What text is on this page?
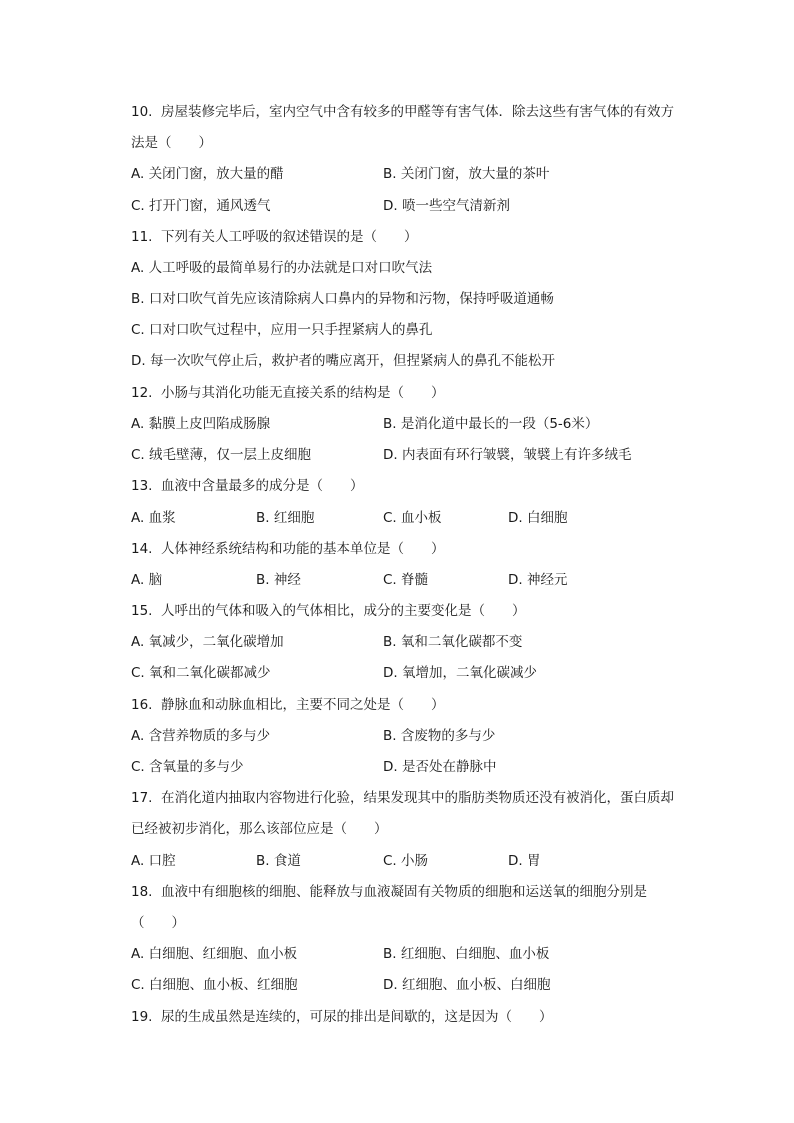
10. 房屋装修完毕后，室内空气中含有较多的甲醛等有害气体．除去这些有害气体的有效方
法是（　　）
A. 关闭门窗，放大量的醋	B. 关闭门窗，放大量的茶叶
C. 打开门窗，通风透气	D. 喷一些空气清新剂
11. 下列有关人工呼吸的叙述错误的是（　　）
A. 人工呼吸的最简单易行的办法就是口对口吹气法
B. 口对口吹气首先应该清除病人口鼻内的异物和污物，保持呼吸道通畅
C. 口对口吹气过程中，应用一只手捏紧病人的鼻孔
D. 每一次吹气停止后，救护者的嘴应离开，但捏紧病人的鼻孔不能松开
12. 小肠与其消化功能无直接关系的结构是（　　）
A. 黏膜上皮凹陷成肠腺	B. 是消化道中最长的一段（5-6米）
C. 绒毛壁薄，仅一层上皮细胞	D. 内表面有环行皱襞，皱襞上有许多绒毛
13. 血液中含量最多的成分是（　　）
A. 血浆	B. 红细胞	C. 血小板	D. 白细胞
14. 人体神经系统结构和功能的基本单位是（　　）
A. 脑	B. 神经	C. 脊髓	D. 神经元
15. 人呼出的气体和吸入的气体相比，成分的主要变化是（　　）
A. 氧减少，二氧化碳增加	B. 氧和二氧化碳都不变
C. 氧和二氧化碳都减少	D. 氧增加，二氧化碳减少
16. 静脉血和动脉血相比，主要不同之处是（　　）
A. 含营养物质的多与少	B. 含废物的多与少
C. 含氧量的多与少	D. 是否处在静脉中
17. 在消化道内抽取内容物进行化验，结果发现其中的脂肪类物质还没有被消化，蛋白质却
已经被初步消化，那么该部位应是（　　）
A. 口腔	B. 食道	C. 小肠	D. 胃
18. 血液中有细胞核的细胞、能释放与血液凝固有关物质的细胞和运送氧的细胞分别是
（　　）
A. 白细胞、红细胞、血小板	B. 红细胞、白细胞、血小板
C. 白细胞、血小板、红细胞	D. 红细胞、血小板、白细胞
19. 尿的生成虽然是连续的，可尿的排出是间歇的，这是因为（　　）
